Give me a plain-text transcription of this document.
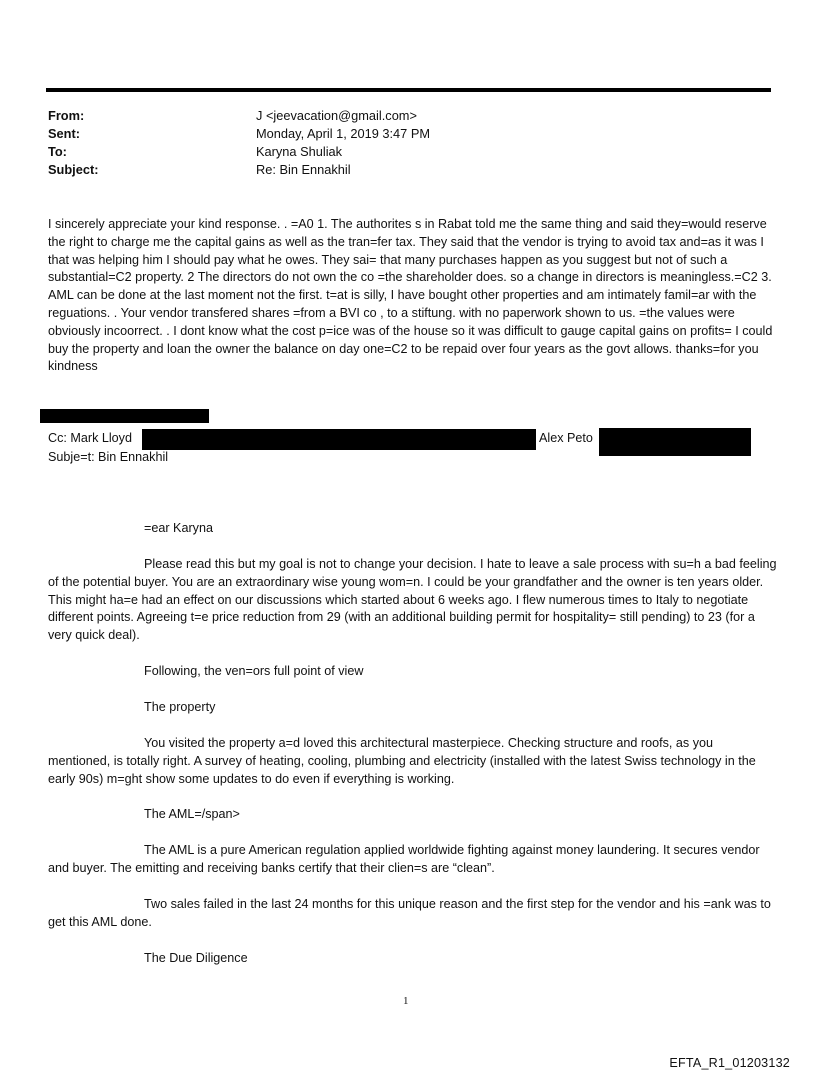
From:	J <jeevacation@gmail.com>
Sent:	Monday, April 1, 2019 3:47 PM
To:	Karyna Shuliak
Subject:	Re: Bin Ennakhil

I sincerely appreciate your kind response. . =A0 1. The authorites s in Rabat told me the same thing and said they=would reserve the right to charge me the capital gains as well as the tran=fer tax. They said that the vendor is trying to avoid tax and=as it was I that was helping him I should pay what he owes. They sai= that many purchases happen as you suggest but not of such a substantial=C2 property. 2 The directors do not own the co =the shareholder does. so a change in directors is meaningless.=C2 3. AML can be done at the last moment not the first. t=at is silly, I have bought other properties and am intimately famil=ar with the reguations. . Your vendor transfered shares =from a BVI co , to a stiftung. with no paperwork shown to us. =the values were obviously incoorrect. . I dont know what the cost p=ice was of the house so it was difficult to gauge capital gains on profits= I could buy the property and loan the owner the balance on day one=C2 to be repaid over four years as the govt allows. thanks=for you kindness

Cc: Mark Lloyd	Alex Peto
Subje=t: Bin Ennakhil
=ear Karyna

Please read this but my goal is not to change your decision. I hate to leave a sale process with su=h a bad feeling of the potential buyer. You are an extraordinary wise young wom=n. I could be your grandfather and the owner is ten years older. This might ha=e had an effect on our discussions which started about 6 weeks ago. I flew numerous times to Italy to negotiate different points. Agreeing t=e price reduction from 29 (with an additional building permit for hospitality= still pending) to 23 (for a very quick deal).

Following, the ven=ors full point of view
The property

You visited the property a=d loved this architectural masterpiece. Checking structure and roofs, as you mentioned, is totally right. A survey of heating, cooling, plumbing and electricity (installed with the latest Swiss technology in the early 90s) m=ght show some updates to do even if everything is working.

The AML=/span>

The AML is a pure American regulation applied worldwide fighting against money laundering. It secures vendor and buyer. The emitting and receiving banks certify that their clien=s are “clean”.

Two sales failed in the last 24 months for this unique reason and the first step for the vendor and his =ank was to get this AML done.

The Due Diligence
1
EFTA_R1_01203132
